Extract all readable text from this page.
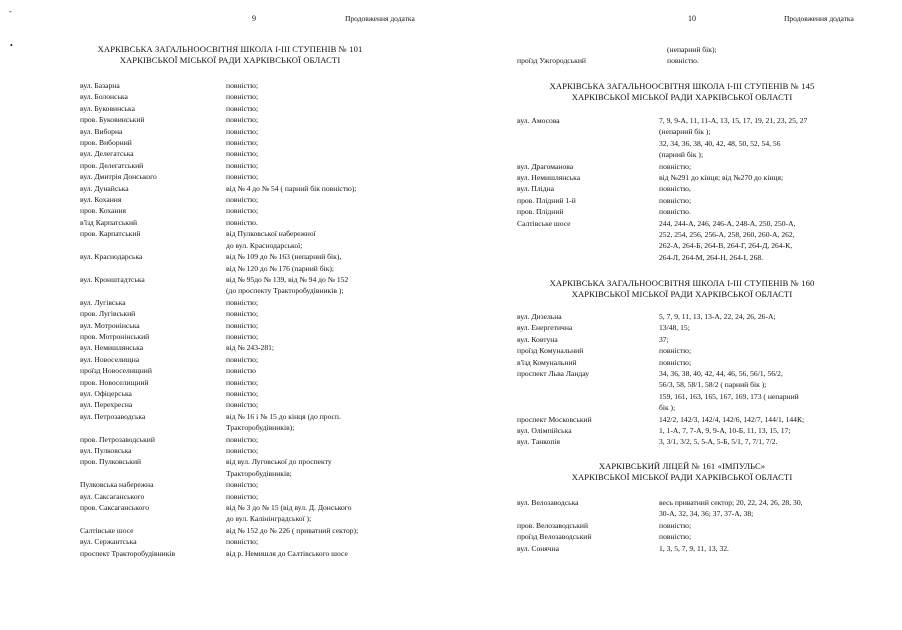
-
•
9	Продовження додатка
ХАРКІВСЬКА ЗАГАЛЬНООСВІТНЯ ШКОЛА І-ІІІ СТУПЕНІВ № 101
ХАРКІВСЬКОЇ МІСЬКОЇ РАДИ ХАРКІВСЬКОЇ ОБЛАСТІ
вул. Базарна	повністю;
вул. Болонська	повністю;
вул. Буковинська	повністю;
пров. Буковинський	повністю;
вул. Виборна	повністю;
пров. Виборний	повністю;
вул. Делегатська	повністю;
пров. Делегатський	повністю;
вул. Дмитрія Донського	повністю;
вул. Дунайська	від № 4 до № 54 ( парний бік повністю);
вул. Кохання	повністю;
пров. Кохання	повністю;
в'їзд Карпатський	повністю.
пров. Карпатський	від Пулковської набережної
до вул. Краснодарської;
вул. Краснодарська	від № 109 до № 163 (непарний бік),
від № 120 до № 176 (парний бік);
вул. Кронштадтська	від № 95до № 139, від № 94 до № 152
(до проспекту Тракторобудівників );
вул. Лугівська	повністю;
пров. Лугівський	повністю;
вул. Мотронінська	повністю;
пров. Мотронінський	повністю;
вул. Немишлянська	від № 243-281;
вул. Новоселищна	повністю;
проїзд Новоселищний	повністю
пров. Новоселищний	повністю;
вул. Офіцерська	повністю;
вул. Перехресна	повністю;
вул. Петрозаводська	від № 16 і № 15 до кінця (до просп.
Тракторобудівників);
пров. Петрозаводський	повністю;
вул. Пулковська	повністю;
пров. Пулковський	від вул. Луговської до проспекту
Тракторобудівників;
Пулковська набережна	повністю;
вул. Саксаганського	повністю;
пров. Саксаганського	від № 3 до № 15 (від вул. Д. Донського
до вул. Калінінградської );
Салтівське шосе	від № 152 до № 226 ( приватний сектор);
вул. Сержантська	повністю;
проспект Тракторобудівників	від р. Немишля до Салтівського шосе
10	Продовження додатка
(непарний бік);
проїзд Ужгородський	повністю.
ХАРКІВСЬКА ЗАГАЛЬНООСВІТНЯ ШКОЛА І-ІІІ СТУПЕНІВ № 145
ХАРКІВСЬКОЇ МІСЬКОЇ РАДИ ХАРКІВСЬКОЇ ОБЛАСТІ
вул. Амосова	7, 9, 9-А, 11, 11-А, 13, 15, 17, 19, 21, 23, 25, 27
(непарний бік );
32, 34, 36, 38, 40, 42, 48, 50, 52, 54, 56
(парний бік );
вул. Драгоманова	повністю;
вул. Немишлянська	від №291 до кінця; від №270 до кінця;
вул. Плідна	повністю,
пров. Плідний 1-й	повністю;
пров. Плідний	повністю.
Салтівське шосе	244, 244-А, 246, 246-А, 248-А, 250, 250-А,
252, 254, 256, 256-А, 258, 260, 260-А, 262,
262-А, 264-Б, 264-В, 264-Г, 264-Д, 264-К,
264-Л, 264-М, 264-Н, 264-І, 268.
ХАРКІВСЬКА ЗАГАЛЬНООСВІТНЯ ШКОЛА І-ІІІ СТУПЕНІВ № 160
ХАРКІВСЬКОЇ МІСЬКОЇ РАДИ ХАРКІВСЬКОЇ ОБЛАСТІ
вул. Дизельна	5, 7, 9, 11, 13, 13-А, 22, 24, 26, 26-А;
вул. Енергетична	13/48, 15;
вул. Ковтуна	37;
проїзд Комунальний	повністю;
в'їзд Комунальний	повністю;
проспект Льва Ландау	34, 36, 38, 40, 42, 44, 46, 56, 56/1, 56/2,
56/3, 58, 58/1, 58/2 ( парний бік );
159, 161, 163, 165, 167, 169, 173 ( непарний
бік );
проспект Московський	142/2, 142/3, 142/4, 142/6, 142/7, 144/1, 144К;
вул. Олімпійська	1, 1-А, 7, 7-А, 9, 9-А, 10-Б, 11, 13, 15, 17;
вул. Танкопія	3, 3/1, 3/2, 5, 5-А, 5-Б, 5/1, 7, 7/1, 7/2.
ХАРКІВСЬКИЙ ЛІЦЕЙ № 161 «ІМПУЛЬС»
ХАРКІВСЬКОЇ МІСЬКОЇ РАДИ ХАРКІВСЬКОЇ ОБЛАСТІ
вул. Велозаводська	весь приватний сектор; 20, 22, 24, 26, 28, 30,
30-А, 32, 34, 36; 37, 37-А, 38;
пров. Велозаводський	повністю;
проїзд Велозаводський	повністю;
вул. Сонячна	1, 3, 5, 7, 9, 11, 13, 32.
